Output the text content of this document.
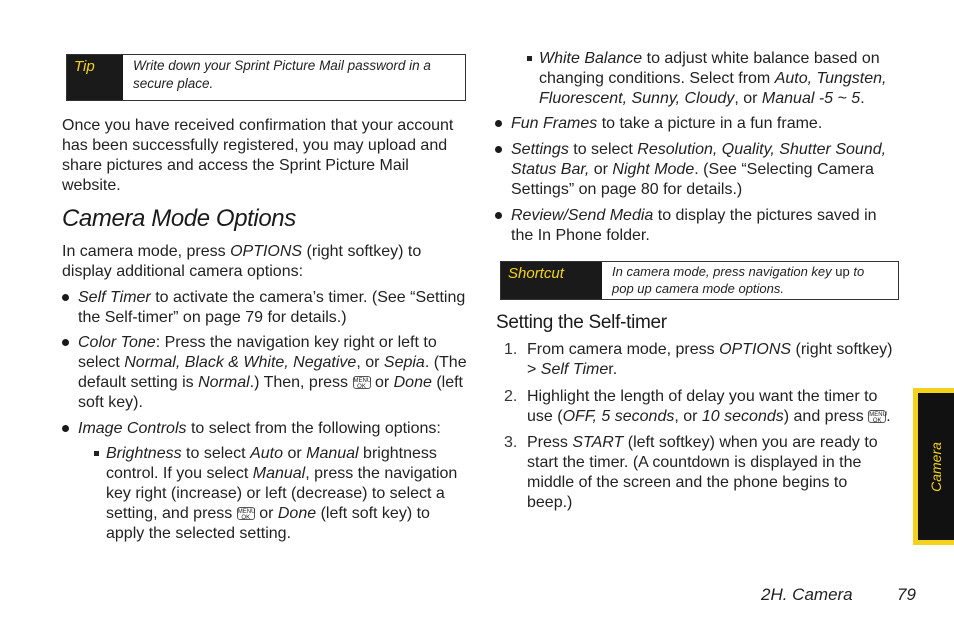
Tip	Write down your Sprint Picture Mail password in a secure place.
Once you have received confirmation that your account has been successfully registered, you may upload and share pictures and access the Sprint Picture Mail website.
Camera Mode Options
In camera mode, press OPTIONS (right softkey) to display additional camera options:
Self Timer to activate the camera’s timer. (See “Setting the Self-timer” on page 79 for details.)
Color Tone: Press the navigation key right or left to select Normal, Black & White, Negative, or Sepia. (The default setting is Normal.) Then, press MENU OK or Done (left soft key).
Image Controls to select from the following options:
Brightness to select Auto or Manual brightness control. If you select Manual, press the navigation key right (increase) or left (decrease) to select a setting, and press MENU OK or Done (left soft key) to apply the selected setting.
White Balance to adjust white balance based on changing conditions. Select from Auto, Tungsten, Fluorescent, Sunny, Cloudy, or Manual -5 ~ 5.
Fun Frames to take a picture in a fun frame.
Settings to select Resolution, Quality, Shutter Sound, Status Bar, or Night Mode. (See “Selecting Camera Settings” on page 80 for details.)
Review/Send Media to display the pictures saved in the In Phone folder.
Shortcut	In camera mode, press navigation key up to pop up camera mode options.
Setting the Self-timer
1. From camera mode, press OPTIONS (right softkey) > Self Timer.
2. Highlight the length of delay you want the timer to use (OFF, 5 seconds, or 10 seconds) and press MENU OK .
3. Press START (left softkey) when you are ready to start the timer. (A countdown is displayed in the middle of the screen and the phone begins to beep.)
Camera
2H. Camera	79
